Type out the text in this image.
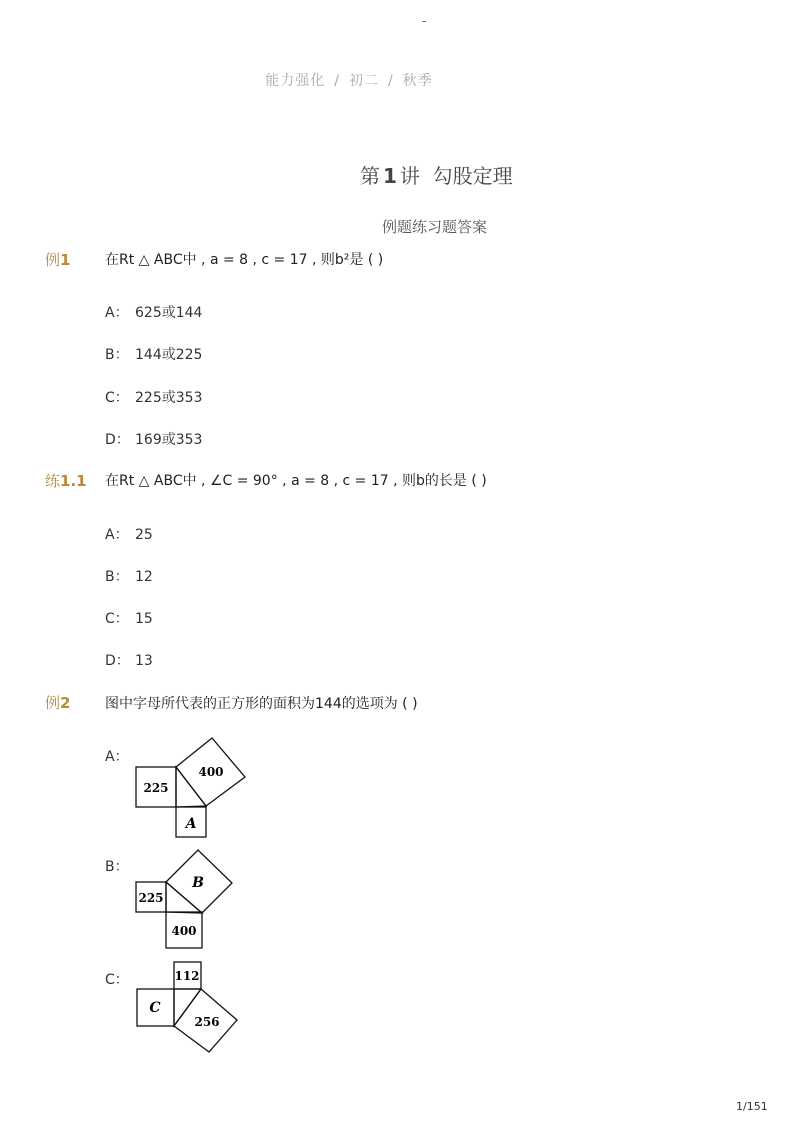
-
能力强化 / 初二 / 秋季
第 1 讲  勾股定理
例题练习题答案
例1 在Rt △ ABC中 , a = 8 , c = 17 , 则b²是 ( )
A： 625或144
B： 144或225
C： 225或353
D： 169或353
练1.1 在Rt △ ABC中 , ∠C = 90° , a = 8 , c = 17 , 则b的长是 ( )
A： 25
B： 12
C： 15
D： 13
例2 图中字母所代表的正方形的面积为144的选项为 ( )
A：
225
400
A
B：
225
B
400
C：	112
C
256
1/151
